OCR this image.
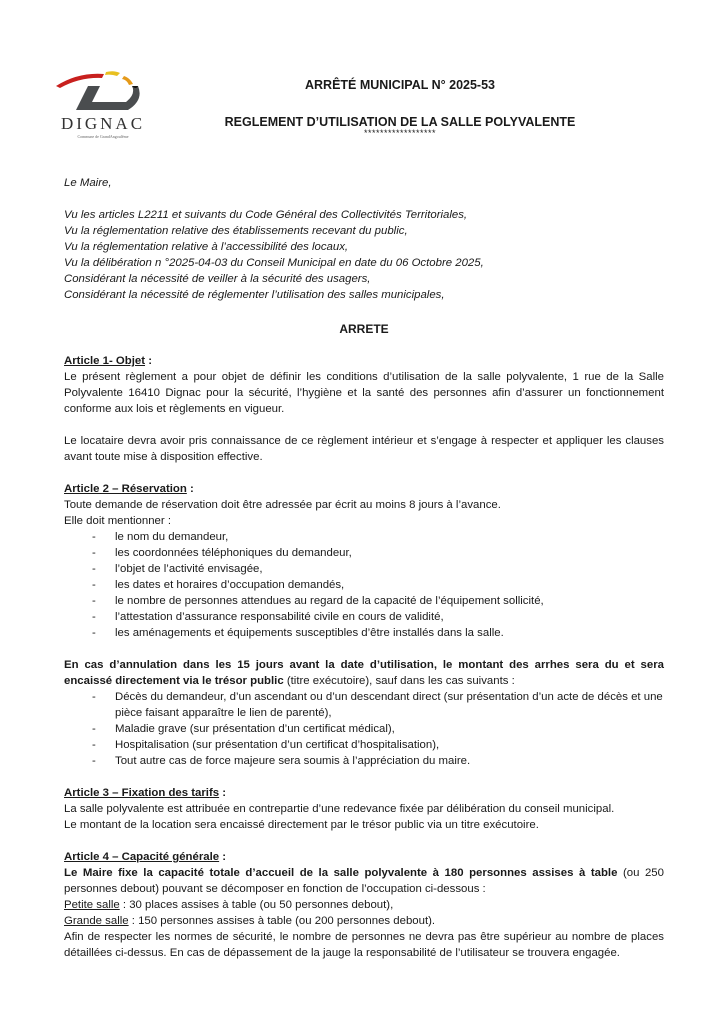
DIGNAC
Commune de GrandAngoulême
ARRÊTÉ MUNICIPAL N° 2025-53
REGLEMENT D’UTILISATION DE LA SALLE POLYVALENTE
******************

Le Maire,

Vu les articles L2211 et suivants du Code Général des Collectivités Territoriales,

Vu la réglementation relative des établissements recevant du public,

Vu la réglementation relative à l’accessibilité des locaux,

Vu la délibération n °2025-04-03 du Conseil Municipal en date du 06 Octobre 2025,

Considérant la nécessité de veiller à la sécurité des usagers,

Considérant la nécessité de réglementer l’utilisation des salles municipales,

ARRETE

Article 1- Objet :

Le présent règlement a pour objet de définir les conditions d’utilisation de la salle polyvalente, 1 rue de la Salle Polyvalente 16410 Dignac pour la sécurité, l’hygiène et la santé des personnes afin d’assurer un fonctionnement conforme aux lois et règlements en vigueur.

Le locataire devra avoir pris connaissance de ce règlement intérieur et s’engage à respecter et appliquer les clauses avant toute mise à disposition effective.

Article 2 – Réservation :

Toute demande de réservation doit être adressée par écrit au moins 8 jours à l’avance.

Elle doit mentionner :

- le nom du demandeur,
- les coordonnées téléphoniques du demandeur,
- l’objet de l’activité envisagée,
- les dates et horaires d’occupation demandés,
- le nombre de personnes attendues au regard de la capacité de l’équipement sollicité,
- l’attestation d’assurance responsabilité civile en cours de validité,
- les aménagements et équipements susceptibles d’être installés dans la salle.

En cas d’annulation dans les 15 jours avant la date d’utilisation, le montant des arrhes sera du et sera encaissé directement via le trésor public (titre exécutoire), sauf dans les cas suivants :

- Décès du demandeur, d’un ascendant ou d’un descendant direct (sur présentation d’un acte de décès et une pièce faisant apparaître le lien de parenté),
- Maladie grave (sur présentation d’un certificat médical),
- Hospitalisation (sur présentation d’un certificat d’hospitalisation),
- Tout autre cas de force majeure sera soumis à l’appréciation du maire.

Article 3 – Fixation des tarifs :

La salle polyvalente est attribuée en contrepartie d’une redevance fixée par délibération du conseil municipal.

Le montant de la location sera encaissé directement par le trésor public via un titre exécutoire.

Article 4 – Capacité générale :

Le Maire fixe la capacité totale d’accueil de la salle polyvalente à 180 personnes assises à table (ou 250 personnes debout) pouvant se décomposer en fonction de l’occupation ci-dessous :

Petite salle : 30 places assises à table (ou 50 personnes debout),

Grande salle : 150 personnes assises à table (ou 200 personnes debout).

Afin de respecter les normes de sécurité, le nombre de personnes ne devra pas être supérieur au nombre de places détaillées ci-dessus. En cas de dépassement de la jauge la responsabilité de l’utilisateur se trouvera engagée.
